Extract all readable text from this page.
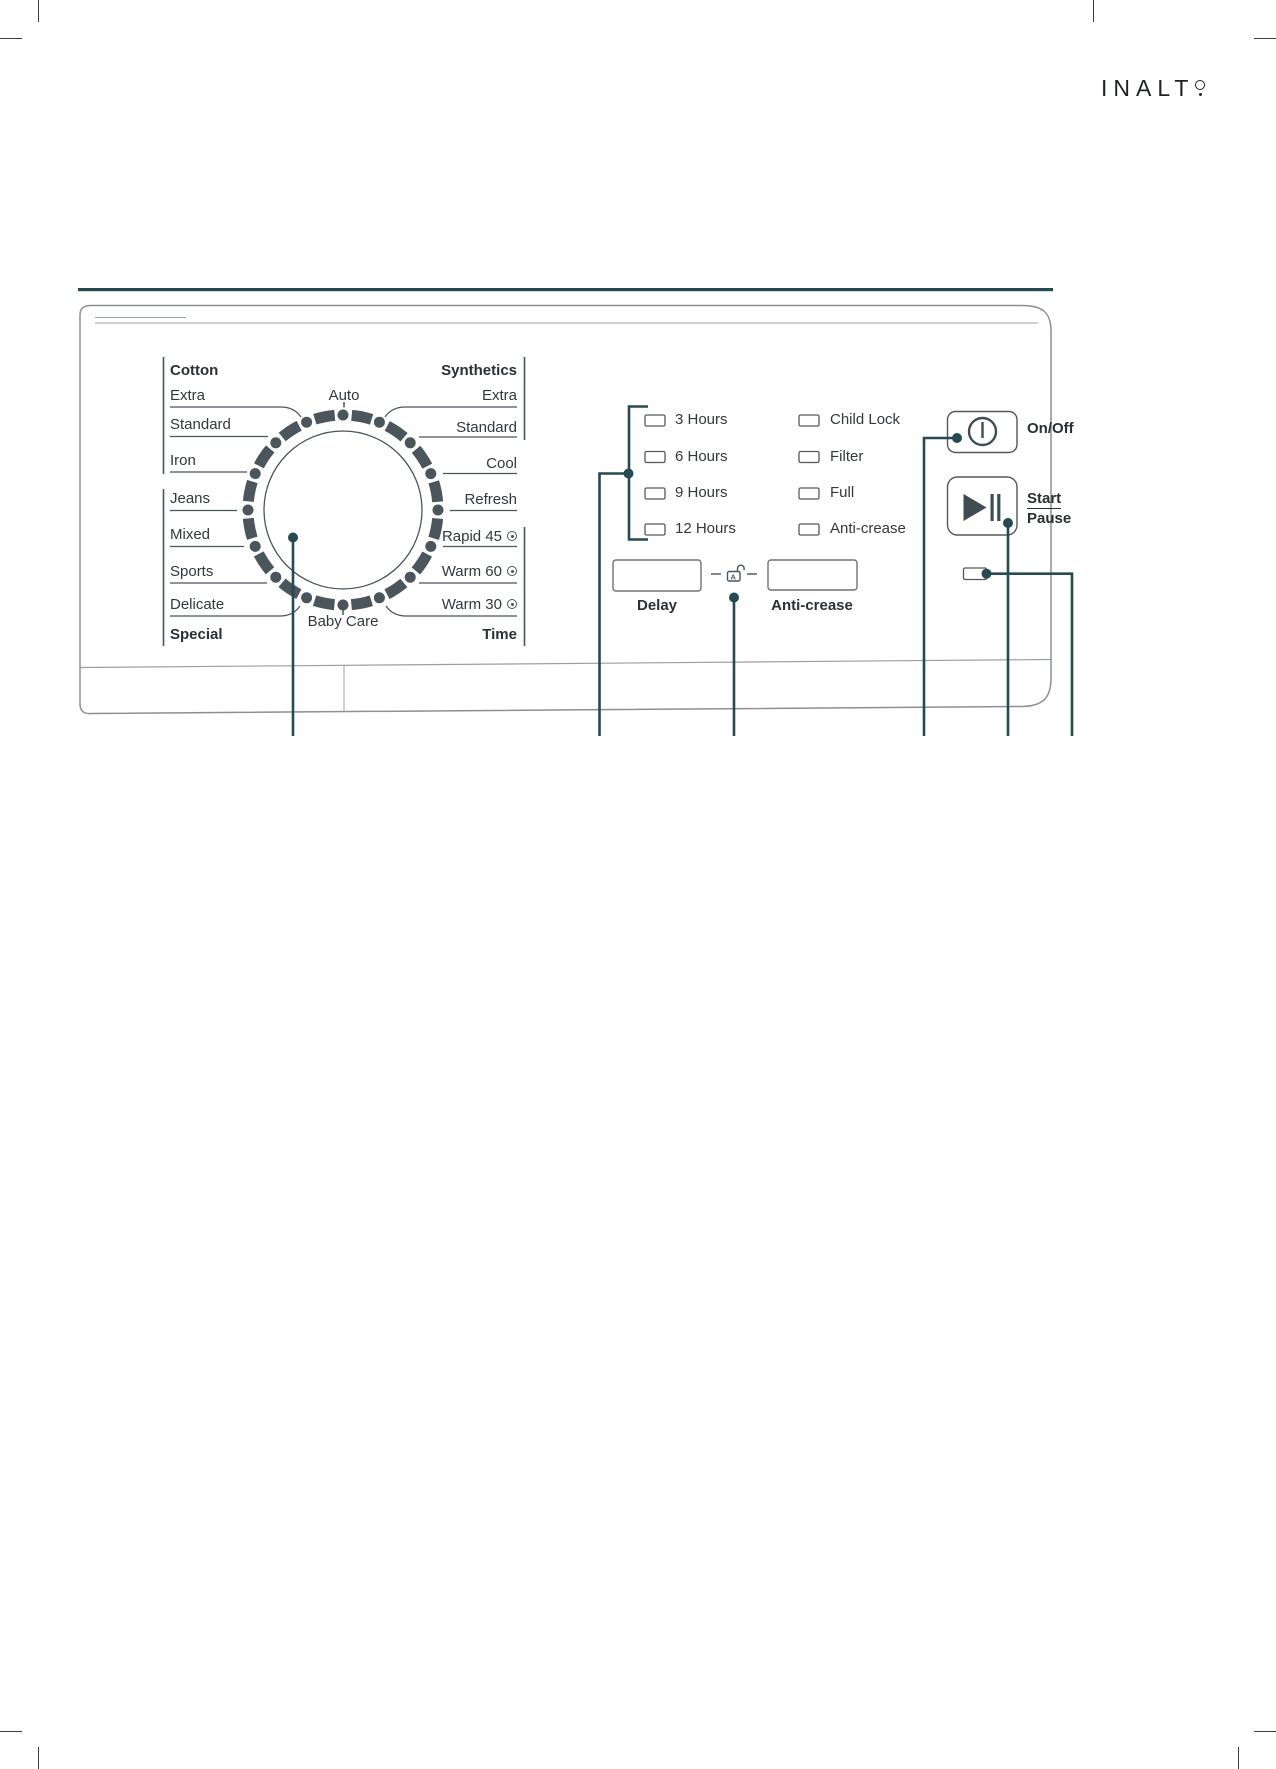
INALT
A
Cotton
Special
Synthetics
Time
Extra
Standard
Iron
Jeans
Mixed
Sports
Delicate
Auto
Baby Care
Extra
Standard
Cool
Refresh
Rapid 45
Warm 60
Warm 30
3 Hours
6 Hours
9 Hours
12 Hours
Child Lock
Filter
Full
Anti-crease
Delay	Anti-crease
On/Off
Start
Pause
